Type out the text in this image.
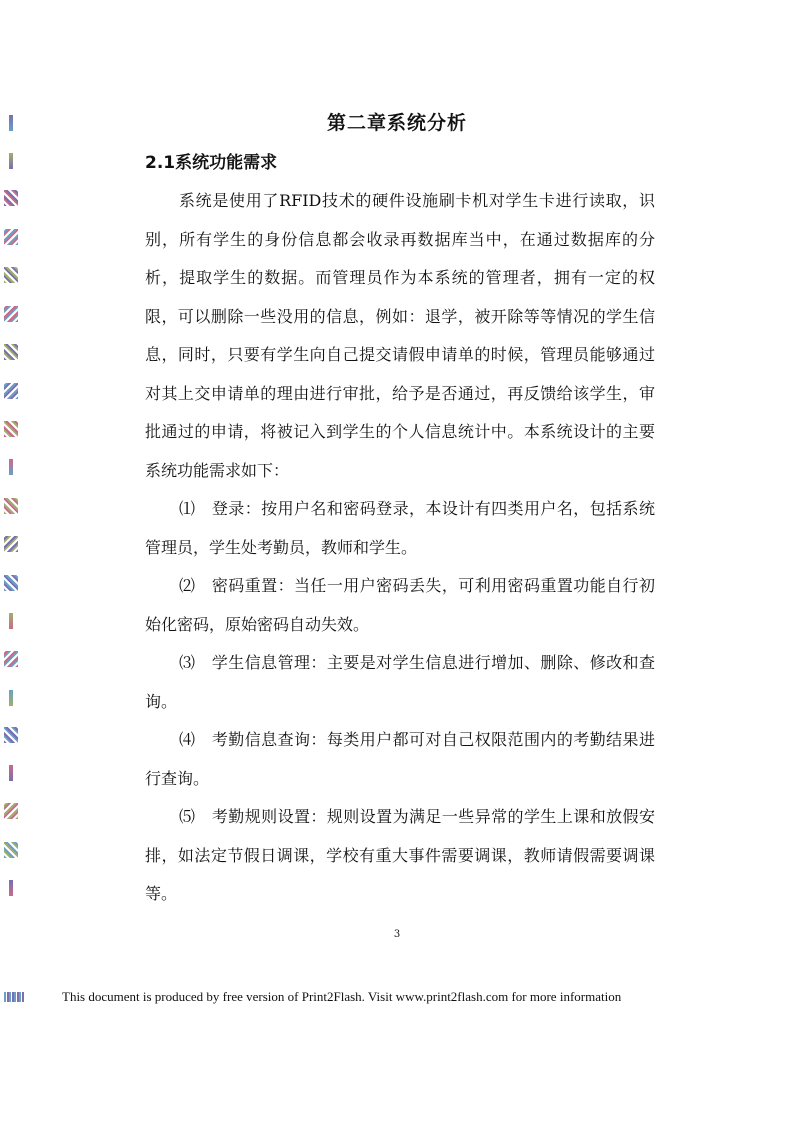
第二章系统分析
2.1系统功能需求

系统是使用了RFID技术的硬件设施刷卡机对学生卡进行读取，识别，所有学生的身份信息都会收录再数据库当中，在通过数据库的分析，提取学生的数据。而管理员作为本系统的管理者，拥有一定的权限，可以删除一些没用的信息，例如：退学，被开除等等情况的学生信息，同时，只要有学生向自己提交请假申请单的时候，管理员能够通过对其上交申请单的理由进行审批，给予是否通过，再反馈给该学生，审批通过的申请，将被记入到学生的个人信息统计中。本系统设计的主要系统功能需求如下：

⑴　登录：按用户名和密码登录，本设计有四类用户名，包括系统管理员，学生处考勤员，教师和学生。

⑵　密码重置：当任一用户密码丢失，可利用密码重置功能自行初始化密码，原始密码自动失效。

⑶　学生信息管理：主要是对学生信息进行增加、删除、修改和查询。

⑷　考勤信息查询：每类用户都可对自己权限范围内的考勤结果进行查询。

⑸　考勤规则设置：规则设置为满足一些异常的学生上课和放假安排，如法定节假日调课，学校有重大事件需要调课，教师请假需要调课等。

3
This document is produced by free version of Print2Flash. Visit www.print2flash.com for more information
